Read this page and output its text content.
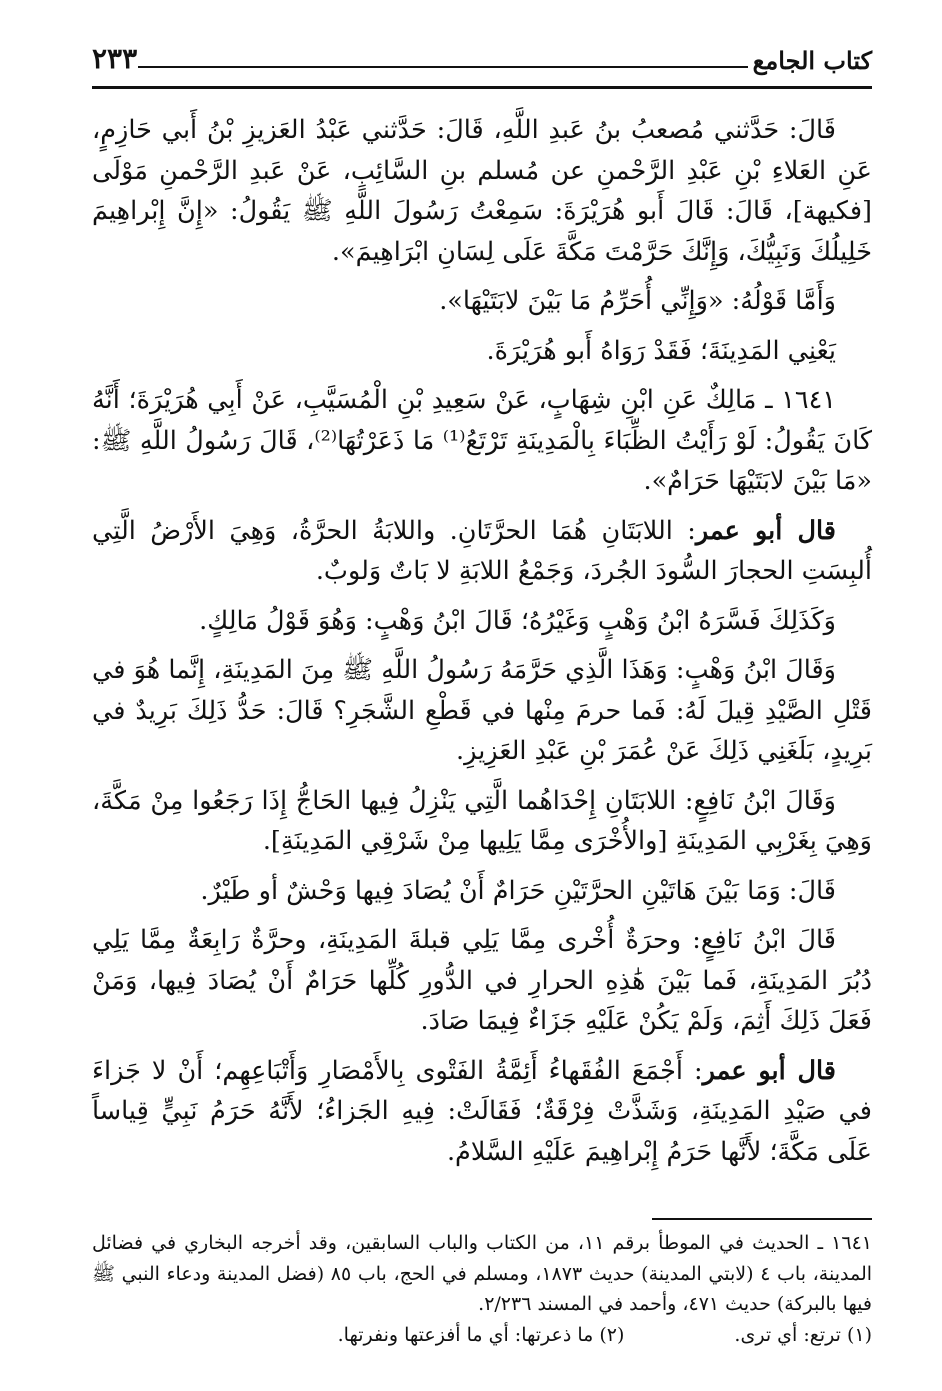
كتاب الجامع
٢٣٣

قَالَ: حَدَّثني مُصعبُ بنُ عَبدِ اللَّهِ، قَالَ: حَدَّثني عَبْدُ العَزيزِ بْنُ أَبي حَازِمٍ، عَنِ العَلاءِ بْنِ عَبْدِ الرَّحْمنِ عن مُسلم بنِ السَّائِبِ، عَنْ عَبدِ الرَّحْمنِ مَوْلَى [فكيهة]، قَالَ: قَالَ أَبو هُرَيْرَةَ: سَمِعْتُ رَسُولَ اللَّهِ ﷺ يَقُولُ: «إِنَّ إِبْراهِيمَ خَلِيلُكَ وَنَبِيُّكَ، وَإِنَّكَ حَرَّمْتَ مَكَّةَ عَلَى لِسَانِ ابْرَاهِيمَ».

وَأَمَّا قَوْلُهُ: «وَإِنِّي أُحَرِّمُ مَا بَيْنَ لابَتَيْهَا».

يَعْنِي المَدِينَةَ؛ فَقَدْ رَوَاهُ أَبو هُرَيْرَةَ.

١٦٤١ ـ مَالِكٌ عَنِ ابْنِ شِهَابٍ، عَنْ سَعِيدِ بْنِ الْمُسَيَّبِ، عَنْ أَبِي هُرَيْرَةَ؛ أَنَّهُ كَانَ يَقُولُ: لَوْ رَأَيْتُ الظِّبَاءَ بِالْمَدِينَةِ تَرْتَعُ⁽¹⁾ مَا ذَعَرْتُهَا⁽²⁾، قَالَ رَسُولُ اللَّهِ ﷺ: «مَا بَيْنَ لابَتَيْهَا حَرَامٌ».

قال أبو عمر: اللابَتَانِ هُمَا الحرَّتَانِ. واللابَةُ الحرَّةُ، وَهِيَ الأَرْضُ الَّتِي أُلبِسَتِ الحجارَ السُّودَ الجُردَ، وَجَمْعُ اللابَةِ لا بَاتٌ وَلوبٌ.

وَكَذَلِكَ فَسَّرَهُ ابْنُ وَهْبٍ وَغَيْرُهُ؛ قَالَ ابْنُ وَهْبٍ: وَهُوَ قَوْلُ مَالِكٍ.

وَقَالَ ابْنُ وَهْبٍ: وَهَذَا الَّذِي حَرَّمَهُ رَسُولُ اللَّهِ ﷺ مِنَ المَدِينَةِ، إِنَّما هُوَ في قَتْلِ الصَّيْدِ قِيلَ لَهُ: فَما حرمَ مِنْها في قَطْعِ الشَّجَرِ؟ قَالَ: حَدُّ ذَلِكَ بَرِيدٌ في بَرِيدٍ، بَلَغَنِي ذَلِكَ عَنْ عُمَرَ بْنِ عَبْدِ العَزِيزِ.

وَقَالَ ابْنُ نَافِعٍ: اللابَتَانِ إِحْدَاهُما الَّتِي يَنْزِلُ فِيها الحَاجُّ إِذَا رَجَعُوا مِنْ مَكَّةَ، وَهِيَ بِغَرْبِي المَدِينَةِ [والأُخْرَى مِمَّا يَلِيها مِنْ شَرْقِي المَدِينَةِ].

قَالَ: وَمَا بَيْنَ هَاتَيْنِ الحرَّتَيْنِ حَرَامٌ أَنْ يُصَادَ فِيها وَحْشٌ أو طَيْرٌ.

قَالَ ابْنُ نَافِعٍ: وحرَةٌ أُخْرى مِمَّا يَلِي قبلةَ المَدِينَةِ، وحرَّةٌ رَابِعَةٌ مِمَّا يَلِي دُبُرَ المَدِينَةِ، فَما بَيْنَ هَٰذِهِ الحرارِ في الدُّورِ كُلِّها حَرَامٌ أَنْ يُصَادَ فِيها، وَمَنْ فَعَلَ ذَلِكَ أَثِمَ، وَلَمْ يَكُنْ عَلَيْهِ جَزَاءٌ فِيمَا صَادَ.

قال أبو عمر: أَجْمَعَ الفُقَهاءُ أَئِمَّةُ الفَتْوى بِالأَمْصَارِ وَأَتْبَاعِهِم؛ أَنْ لا جَزاءَ في صَيْدِ المَدِينَةِ، وَشَذَّتْ فِرْقَةٌ؛ فَقَالَتْ: فِيهِ الجَزاءُ؛ لأَنَّهُ حَرَمُ نَبِيٍّ قِياساً عَلَى مَكَّةَ؛ لأَنَّها حَرَمُ إِبْراهِيمَ عَلَيْهِ السَّلامُ.

١٦٤١ ـ الحديث في الموطأ برقم ١١، من الكتاب والباب السابقين، وقد أخرجه البخاري في فضائل المدينة، باب ٤ (لابتي المدينة) حديث ١٨٧٣، ومسلم في الحج، باب ٨٥ (فضل المدينة ودعاء النبي ﷺ فيها بالبركة) حديث ٤٧١، وأحمد في المسند ٢/٢٣٦.

(١) ترتع: أي ترى.
(٢) ما ذعرتها: أي ما أفزعتها ونفرتها.
